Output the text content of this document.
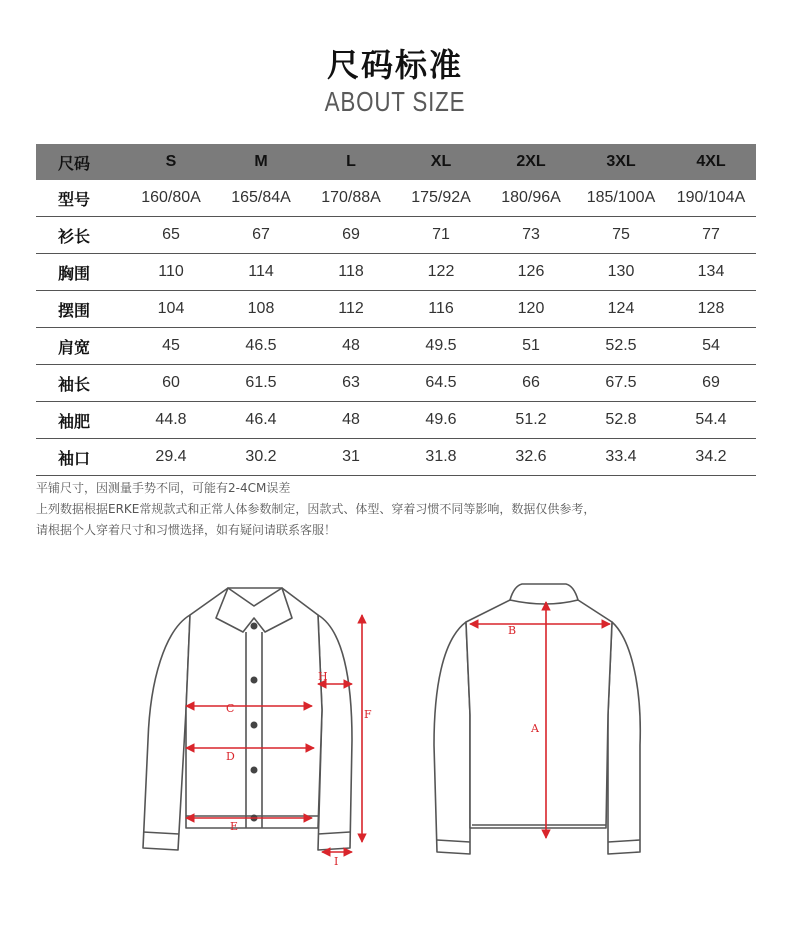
尺码标准
ABOUT SIZE
尺码	S	M	L	XL	2XL	3XL	4XL
型号	160/80A	165/84A	170/88A	175/92A	180/96A	185/100A	190/104A
衫长	65	67	69	71	73	75	77
胸围	110	114	118	122	126	130	134
摆围	104	108	112	116	120	124	128
肩宽	45	46.5	48	49.5	51	52.5	54
袖长	60	61.5	63	64.5	66	67.5	69
袖肥	44.8	46.4	48	49.6	51.2	52.8	54.4
袖口	29.4	30.2	31	31.8	32.6	33.4	34.2
平铺尺寸，因测量手势不同，可能有2-4CM误差
上列数据根据ERKE常规款式和正常人体参数制定，因款式、体型、穿着习惯不同等影响，数据仅供参考，
请根据个人穿着尺寸和习惯选择，如有疑问请联系客服！
C
D
E
H
I
F
B
A
